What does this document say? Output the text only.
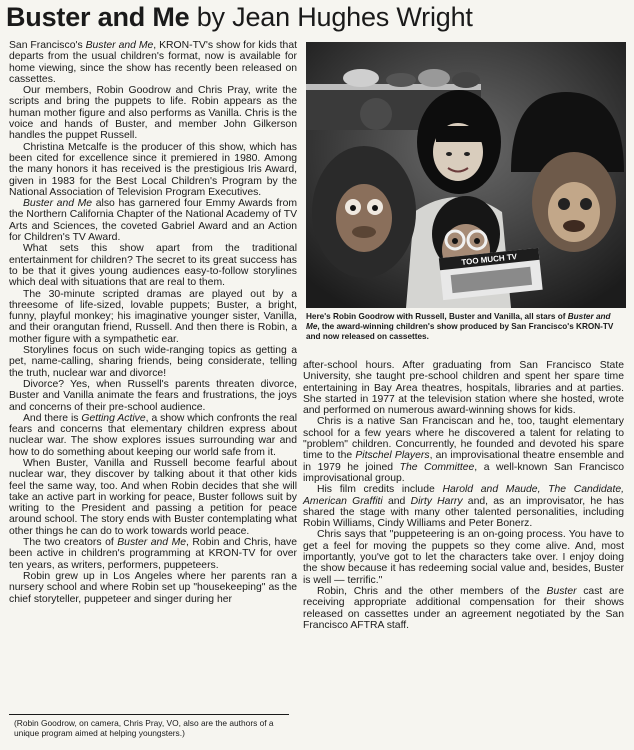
Buster and Me by Jean Hughes Wright

San Francisco's Buster and Me, KRON-TV's show for kids that departs from the usual children's format, now is available for home viewing, since the show has recently been released on cassettes.

Our members, Robin Goodrow and Chris Pray, write the scripts and bring the puppets to life. Robin appears as the human mother figure and also performs as Vanilla. Chris is the voice and hands of Buster, and member John Gilkerson handles the puppet Russell.

Christina Metcalfe is the producer of this show, which has been cited for excellence since it premiered in 1980. Among the many honors it has received is the prestigious Iris Award, given in 1983 for the Best Local Children's Program by the National Association of Television Program Executives.

Buster and Me also has garnered four Emmy Awards from the Northern California Chapter of the National Academy of TV Arts and Sciences, the coveted Gabriel Award and an Action for Children's TV Award.

What sets this show apart from the traditional entertainment for children? The secret to its great success has to be that it gives young audiences easy-to-follow storylines which deal with situations that are real to them.

The 30-minute scripted dramas are played out by a threesome of life-sized, lovable puppets; Buster, a bright, funny, playful monkey; his imaginative younger sister, Vanilla, and their orangutan friend, Russell. And then there is Robin, a mother figure with a sympathetic ear.

Storylines focus on such wide-ranging topics as getting a pet, name-calling, sharing friends, being considerate, telling the truth, nuclear war and divorce!

Divorce? Yes, when Russell's parents threaten divorce, Buster and Vanilla animate the fears and frustrations, the joys and concerns of their pre-school audience.

And there is Getting Active, a show which confronts the real fears and concerns that elementary children express about nuclear war. The show explores issues surrounding war and how to do something about keeping our world safe from it.

When Buster, Vanilla and Russell become fearful about nuclear war, they discover by talking about it that other kids feel the same way, too. And when Robin decides that she will take an active part in working for peace, Buster follows suit by writing to the President and passing a petition for peace around school. The story ends with Buster contemplating what other things he can do to work towards world peace.

The two creators of Buster and Me, Robin and Chris, have been active in children's programming at KRON-TV for over ten years, as writers, performers, puppeteers.

Robin grew up in Los Angeles where her parents ran a nursery school and where Robin set up "housekeeping" as the chief storyteller, puppeteer and singer during her

TOO MUCH TV
Here's Robin Goodrow with Russell, Buster and Vanilla, all stars of Buster and Me, the award-winning children's show produced by San Francisco's KRON-TV and now released on cassettes.

after-school hours. After graduating from San Francisco State University, she taught pre-school children and spent her spare time entertaining in Bay Area theatres, hospitals, libraries and at parties. She started in 1977 at the television station where she hosted, wrote and performed on numerous award-winning shows for kids.

Chris is a native San Franciscan and he, too, taught elementary school for a few years where he discovered a talent for relating to "problem" children. Concurrently, he founded and devoted his spare time to the Pitschel Players, an improvisational theatre ensemble and in 1979 he joined The Committee, a well-known San Francisco improvisational group.

His film credits include Harold and Maude, The Candidate, American Graffiti and Dirty Harry and, as an improvisator, he has shared the stage with many other talented personalities, including Robin Williams, Cindy Williams and Peter Bonerz.

Chris says that "puppeteering is an on-going process. You have to get a feel for moving the puppets so they come alive. And, most importantly, you've got to let the characters take over. I enjoy doing the show because it has redeeming social value and, besides, Buster is well — terrific."

Robin, Chris and the other members of the Buster cast are receiving appropriate additional compensation for their shows released on cassettes under an agreement negotiated by the San Francisco AFTRA staff.

(Robin Goodrow, on camera, Chris Pray, VO, also are the authors of a unique program aimed at helping youngsters.)
